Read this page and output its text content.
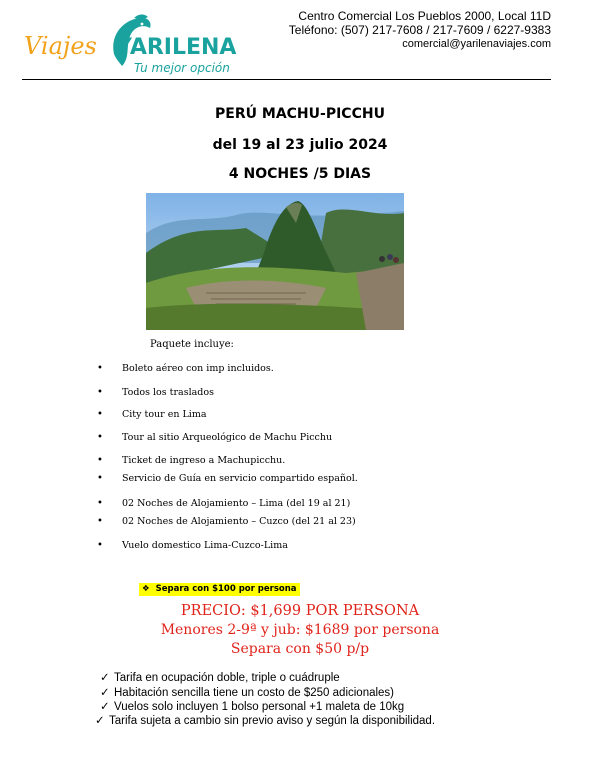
Viajes YARILENA
Tu mejor opción
Centro Comercial Los Pueblos 2000, Local 11D
Teléfono: (507) 217-7608 / 217-7609 / 6227-9383
comercial@yarilenaviajes.com
PERÚ MACHU-PICCHU
del 19 al 23 julio 2024
4 NOCHES /5 DIAS
Paquete incluye:
• Boleto aéreo con imp incluidos.
• Todos los traslados
• City tour en Lima
• Tour al sitio Arqueológico de Machu Picchu
• Ticket de ingreso a Machupicchu.
• Servicio de Guía en servicio compartido español.
• 02 Noches de Alojamiento – Lima (del 19 al 21)
• 02 Noches de Alojamiento – Cuzco (del 21 al 23)
• Vuelo domestico Lima-Cuzco-Lima
❖ Separa con $100 por persona
PRECIO: $1,699 POR PERSONA
Menores 2-9ª y jub: $1689 por persona
Separa con $50 p/p
✓ Tarifa en ocupación doble, triple o cuádruple
✓ Habitación sencilla tiene un costo de $250 adicionales)
✓ Vuelos solo incluyen 1 bolso personal +1 maleta de 10kg
✓ Tarifa sujeta a cambio sin previo aviso y según la disponibilidad.
